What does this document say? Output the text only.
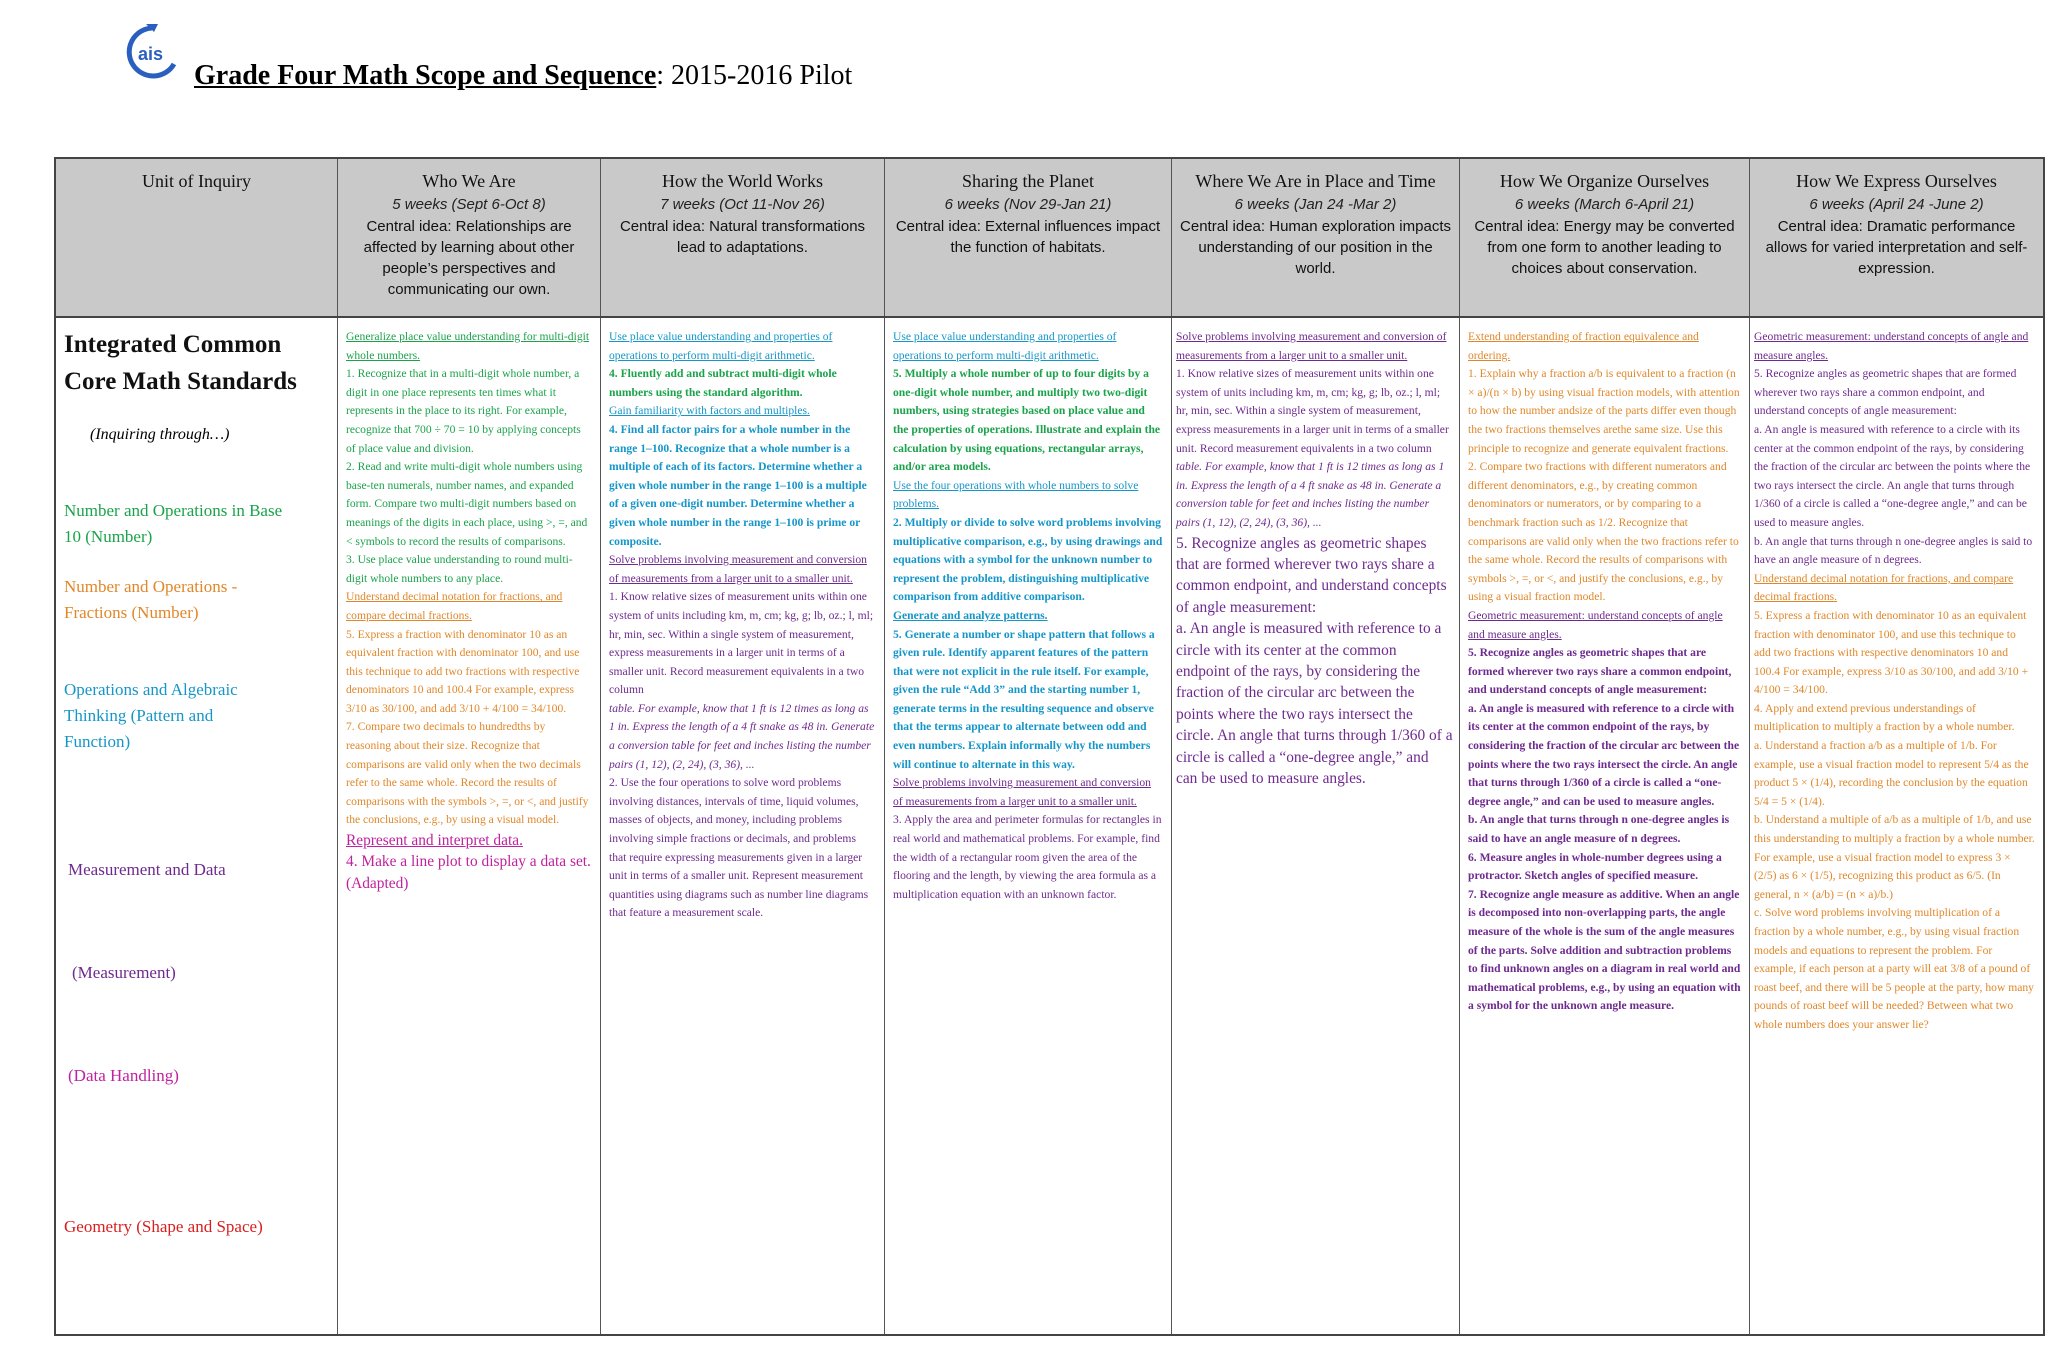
ais
Grade Four Math Scope and Sequence: 2015-2016 Pilot
Unit of Inquiry	Who We Are
5 weeks (Sept 6-Oct 8)
Central idea: Relationships are affected by learning about other people’s perspectives and communicating our own.
How the World Works
7 weeks (Oct 11-Nov 26)
Central idea: Natural transformations lead to adaptations.
Sharing the Planet
6 weeks (Nov 29-Jan 21)
Central idea: External influences impact the function of habitats.
Where We Are in Place and Time
6 weeks (Jan 24 -Mar 2)
Central idea: Human exploration impacts understanding of our position in the world.
How We Organize Ourselves
6 weeks (March 6-April 21)
Central idea: Energy may be converted from one form to another leading to choices about conservation.
How We Express Ourselves
6 weeks (April 24 -June 2)
Central idea: Dramatic performance allows for varied interpretation and self-expression.
Integrated Common Core Math Standards
(Inquiring through…)
Number and Operations in Base 10 (Number)
Number and Operations - Fractions (Number)
Operations and Algebraic Thinking (Pattern and Function)
Measurement and Data
(Measurement)
(Data Handling)
Geometry (Shape and Space)

Generalize place value understanding for multi-digit whole numbers.

1. Recognize that in a multi-digit whole number, a digit in one place represents ten times what it represents in the place to its right. For example, recognize that 700 ÷ 70 = 10 by applying concepts of place value and division.

2. Read and write multi-digit whole numbers using base-ten numerals, number names, and expanded form. Compare two multi-digit numbers based on meanings of the digits in each place, using >, =, and < symbols to record the results of comparisons.

3. Use place value understanding to round multi-digit whole numbers to any place.

Understand decimal notation for fractions, and compare decimal fractions.

5. Express a fraction with denominator 10 as an equivalent fraction with denominator 100, and use this technique to add two fractions with respective denominators 10 and 100.4 For example, express 3/10 as 30/100, and add 3/10 + 4/100 = 34/100.

7. Compare two decimals to hundredths by reasoning about their size. Recognize that comparisons are valid only when the two decimals refer to the same whole. Record the results of comparisons with the symbols >, =, or <, and justify the conclusions, e.g., by using a visual model.

Represent and interpret data.

4. Make a line plot to display a data set. (Adapted)

Use place value understanding and properties of operations to perform multi-digit arithmetic.

4. Fluently add and subtract multi-digit whole numbers using the standard algorithm.

Gain familiarity with factors and multiples.

4. Find all factor pairs for a whole number in the range 1–100. Recognize that a whole number is a multiple of each of its factors. Determine whether a given whole number in the range 1–100 is a multiple of a given one-digit number. Determine whether a given whole number in the range 1–100 is prime or composite.

Solve problems involving measurement and conversion of measurements from a larger unit to a smaller unit.

1. Know relative sizes of measurement units within one system of units including km, m, cm; kg, g; lb, oz.; l, ml; hr, min, sec. Within a single system of measurement, express measurements in a larger unit in terms of a smaller unit. Record measurement equivalents in a two column

table. For example, know that 1 ft is 12 times as long as 1 in. Express the length of a 4 ft snake as 48 in. Generate a conversion table for feet and inches listing the number pairs (1, 12), (2, 24), (3, 36), ...

2. Use the four operations to solve word problems involving distances, intervals of time, liquid volumes, masses of objects, and money, including problems involving simple fractions or decimals, and problems that require expressing measurements given in a larger unit in terms of a smaller unit. Represent measurement quantities using diagrams such as number line diagrams that feature a measurement scale.

Use place value understanding and properties of operations to perform multi-digit arithmetic.

5. Multiply a whole number of up to four digits by a one-digit whole number, and multiply two two-digit numbers, using strategies based on place value and the properties of operations. Illustrate and explain the calculation by using equations, rectangular arrays, and/or area models.

Use the four operations with whole numbers to solve problems.

2. Multiply or divide to solve word problems involving multiplicative comparison, e.g., by using drawings and equations with a symbol for the unknown number to represent the problem, distinguishing multiplicative comparison from additive comparison.

Generate and analyze patterns.

5. Generate a number or shape pattern that follows a given rule. Identify apparent features of the pattern that were not explicit in the rule itself. For example, given the rule “Add 3” and the starting number 1, generate terms in the resulting sequence and observe that the terms appear to alternate between odd and even numbers. Explain informally why the numbers will continue to alternate in this way.

Solve problems involving measurement and conversion of measurements from a larger unit to a smaller unit.

3. Apply the area and perimeter formulas for rectangles in real world and mathematical problems. For example, find the width of a rectangular room given the area of the flooring and the length, by viewing the area formula as a multiplication equation with an unknown factor.

Solve problems involving measurement and conversion of measurements from a larger unit to a smaller unit.

1. Know relative sizes of measurement units within one system of units including km, m, cm; kg, g; lb, oz.; l, ml; hr, min, sec. Within a single system of measurement, express measurements in a larger unit in terms of a smaller unit. Record measurement equivalents in a two column

table. For example, know that 1 ft is 12 times as long as 1 in. Express the length of a 4 ft snake as 48 in. Generate a conversion table for feet and inches listing the number pairs (1, 12), (2, 24), (3, 36), ...

5. Recognize angles as geometric shapes that are formed wherever two rays share a common endpoint, and understand concepts of angle measurement:

a. An angle is measured with reference to a circle with its center at the common endpoint of the rays, by considering the fraction of the circular arc between the points where the two rays intersect the circle. An angle that turns through 1/360 of a circle is called a “one-degree angle,” and can be used to measure angles.

Extend understanding of fraction equivalence and ordering.

1. Explain why a fraction a/b is equivalent to a fraction (n × a)/(n × b) by using visual fraction models, with attention to how the number andsize of the parts differ even though the two fractions themselves arethe same size. Use this principle to recognize and generate equivalent fractions.

2. Compare two fractions with different numerators and different denominators, e.g., by creating common denominators or numerators, or by comparing to a benchmark fraction such as 1/2. Recognize that comparisons are valid only when the two fractions refer to the same whole. Record the results of comparisons with symbols >, =, or <, and justify the conclusions, e.g., by using a visual fraction model.

Geometric measurement: understand concepts of angle and measure angles.

5. Recognize angles as geometric shapes that are formed wherever two rays share a common endpoint, and understand concepts of angle measurement:

a. An angle is measured with reference to a circle with its center at the common endpoint of the rays, by considering the fraction of the circular arc between the points where the two rays intersect the circle. An angle that turns through 1/360 of a circle is called a “one-degree angle,” and can be used to measure angles.

b. An angle that turns through n one-degree angles is said to have an angle measure of n degrees.

6. Measure angles in whole-number degrees using a protractor. Sketch angles of specified measure.

7. Recognize angle measure as additive. When an angle is decomposed into non-overlapping parts, the angle measure of the whole is the sum of the angle measures of the parts. Solve addition and subtraction problems to find unknown angles on a diagram in real world and mathematical problems, e.g., by using an equation with a symbol for the unknown angle measure.

Geometric measurement: understand concepts of angle and measure angles.

5. Recognize angles as geometric shapes that are formed wherever two rays share a common endpoint, and understand concepts of angle measurement:

a. An angle is measured with reference to a circle with its center at the common endpoint of the rays, by considering the fraction of the circular arc between the points where the two rays intersect the circle. An angle that turns through 1/360 of a circle is called a “one-degree angle,” and can be used to measure angles.

b. An angle that turns through n one-degree angles is said to have an angle measure of n degrees.

Understand decimal notation for fractions, and compare decimal fractions.

5. Express a fraction with denominator 10 as an equivalent fraction with denominator 100, and use this technique to add two fractions with respective denominators 10 and 100.4 For example, express 3/10 as 30/100, and add 3/10 + 4/100 = 34/100.

4. Apply and extend previous understandings of multiplication to multiply a fraction by a whole number.

a. Understand a fraction a/b as a multiple of 1/b. For example, use a visual fraction model to represent 5/4 as the product 5 × (1/4), recording the conclusion by the equation 5/4 = 5 × (1/4).

b. Understand a multiple of a/b as a multiple of 1/b, and use this understanding to multiply a fraction by a whole number. For example, use a visual fraction model to express 3 × (2/5) as 6 × (1/5), recognizing this product as 6/5. (In general, n × (a/b) = (n × a)/b.)

c. Solve word problems involving multiplication of a fraction by a whole number, e.g., by using visual fraction models and equations to represent the problem. For example, if each person at a party will eat 3/8 of a pound of roast beef, and there will be 5 people at the party, how many pounds of roast beef will be needed? Between what two whole numbers does your answer lie?
